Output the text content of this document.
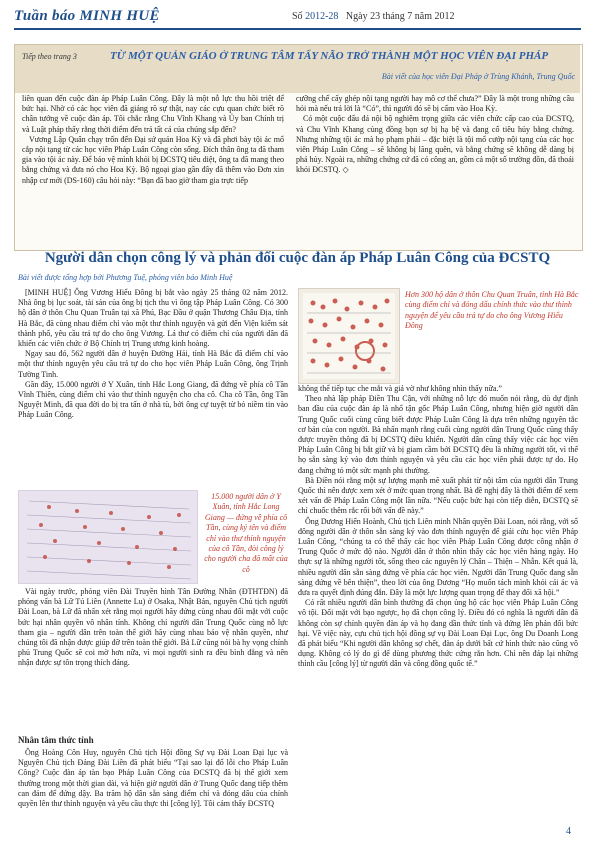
Tuần báo MINH HUỆ	Số 2012-28 Ngày 23 tháng 7 năm 2012
Tiếp theo trang 3	TỪ MỘT QUẢN GIÁO Ở TRUNG TÂM TẨY NÃO TRỞ THÀNH MỘT HỌC VIÊN ĐẠI PHÁP
Bài viết của học viên Đại Pháp ở Trùng Khánh, Trung Quốc

liên quan đến cuộc đàn áp Pháp Luân Công. Đây là một nỗ lực thu hồi triệt để bức hại. Nhờ có các học viên đã giảng rõ sự thật, nay các cựu quan chức biết rõ chân tướng về cuộc đàn áp. Tôi chắc rằng Chu Vĩnh Khang và Ủy ban Chính trị và Luật pháp thấy rằng thời điểm đến trả tất cả của chúng sắp đến?

Vương Lập Quân chạy trốn đến Đại sứ quán Hoa Kỳ và đã phơi bày tội ác mổ cắp nội tạng từ các học viên Pháp Luân Công còn sống. Đích thân ông ta đã tham gia vào tội ác này. Để bảo vệ mình khỏi bị ĐCSTQ tiêu diệt, ông ta đã mang theo bằng chứng và đưa nó cho Hoa Kỳ. Bộ ngoại giao gần đây đã thêm vào Đơn xin nhập cư mới (DS-160) câu hỏi này: “Bạn đã bao giờ tham gia trực tiếp

cưỡng chế cấy ghép nội tạng người hay mô cơ thể chưa?” Đây là một trong những câu hỏi mà nếu trả lời là “Có”, thì người đó sẽ bị cấm vào Hoa Kỳ.

Có một cuộc đấu đá nội bộ nghiêm trọng giữa các viên chức cấp cao của ĐCSTQ, và Chu Vĩnh Khang cùng đồng bọn sợ bị hạ bệ và đang cố tiêu hủy bằng chứng. Nhưng những tội ác mà họ phạm phải – đặc biệt là tội mổ cướp nội tạng của các học viên Pháp Luân Công – sẽ không bị lãng quên, và bằng chứng sẽ không dễ dàng bị phá hủy. Ngoài ra, những chứng cứ đã có công an, gồm cả một số trường đồn, đã thoái khỏi ĐCSTQ. ◇

Người dân chọn công lý và phản đối cuộc đàn áp Pháp Luân Công của ĐCSTQ
Bài viết được tổng hợp bởi Phương Tuệ, phóng viên báo Minh Huệ

[MINH HUỆ] Ông Vương Hiểu Đông bị bắt vào ngày 25 tháng 02 năm 2012. Nhà ông bị lục soát, tài sản của ông bị tịch thu vì ông tập Pháp Luân Công. Có 300 hộ dân ở thôn Chu Quan Truân tại xã Phú, Bạc Đầu ở quận Thương Châu Địa, tỉnh Hà Bắc, đã cùng nhau điểm chỉ vào một thư thỉnh nguyện và gửi đến Viện kiểm sát thành phố, yêu cầu trả tự do cho ông Vương. Lá thư có điểm chỉ của người dân đã khiến các viên chức ở Bộ Chính trị Trung ương kinh hoàng.

Ngay sau đó, 562 người dân ở huyện Đường Hải, tỉnh Hà Bắc đã điểm chỉ vào một thư thỉnh nguyện yêu cầu trả tự do cho học viên Pháp Luân Công, ông Trịnh Tường Tinh.

Gần đây, 15.000 người ở Y Xuân, tỉnh Hắc Long Giang, đã đứng về phía cô Tần Vĩnh Thiên, cùng điểm chỉ vào thư thỉnh nguyện cho cha cô. Cha cô Tần, ông Tần Nguyệt Minh, đã qua đời do bị tra tấn ở nhà tù, bởi ông cự tuyệt từ bỏ niềm tin vào Pháp Luân Công.

Hơn 300 hộ dân ở thôn Chu Quan Truân, tỉnh Hà Bắc cùng điểm chỉ và đóng dấu chính thức vào thư thỉnh nguyện để yêu cầu trả tự do cho ông Vương Hiểu Đông
15.000 người dân ở Y Xuân, tỉnh Hắc Long Giang — đứng về phía cô Tần, cùng ký tên và điểm chỉ vào thư thỉnh nguyện của cô Tần, đòi công lý cho người cha đã mất của cô

Vài ngày trước, phóng viên Đài Truyền hình Tân Đường Nhân (ĐTHTĐN) đã phỏng vấn bà Lữ Tú Liên (Annette Lu) ở Osaka, Nhật Bản, nguyên Chủ tịch người Đài Loan, bà Lữ đã nhấn xét rằng mọi người hãy đứng cùng nhau đối mặt với cuộc bức hại nhân quyền vô nhân tính. Không chỉ người dân Trung Quốc cùng nỗ lực tham gia – người dân trên toàn thế giới hãy cùng nhau bảo vệ nhân quyền, như chúng tôi đã nhận được giúp đỡ trên toàn thế giới. Bà Lữ cũng nói bà hy vọng chính phủ Trung Quốc sẽ coi mờ hơn nữa, vì mọi người sinh ra đều bình đẳng và nên nhận được sự tôn trọng thích đáng.

Nhân tâm thức tỉnh

Ông Hoàng Côn Huy, nguyên Chủ tịch Hội đồng Sự vụ Đài Loan Đại lục và Nguyên Chủ tịch Đảng Đài Liên đã phát biểu “Tại sao lại đổ lỗi cho Pháp Luân Công? Cuộc đàn áp tàn bạo Pháp Luân Công của ĐCSTQ đã bị thế giới xem thường trong một thời gian dài, và hiện giờ người dân ở Trung Quốc đang tiếp thêm can đảm để đứng dậy. Ba trăm hộ dân sẵn sàng điểm chỉ và đóng dấu của chính quyền lên thư thỉnh nguyện và yêu cầu thực thi [công lý]. Tôi cảm thấy ĐCSTQ

không thể tiếp tục che mắt và giả vờ như không nhìn thấy nữa.”

Theo nhà lập pháp Điền Thu Cận, với những nỗ lực đó muốn nói rằng, dù dự định ban đầu của cuộc đàn áp là nhổ tận gốc Pháp Luân Công, nhưng hiện giờ người dân Trung Quốc cuối cùng cũng biết được Pháp Luân Công là dựa trên những nguyên tắc cơ bản của con người. Bà nhấn mạnh rằng cuối cùng người dân Trung Quốc cũng thấy được truyền thông đã bị ĐCSTQ điều khiển. Người dân cũng thấy việc các học viên Pháp Luân Công bị bắt giữ và bị giam cầm bởi ĐCSTQ đều là những người tốt, vì thế họ sẵn sàng ký vào đơn thỉnh nguyện và yêu cầu các học viên phải được tự do. Họ đang chứng tỏ một sức mạnh phi thường.

Bà Điền nói rằng một sự lượng mạnh mẽ xuất phát từ nội tâm của người dân Trung Quốc thì nên được xem xét ở mức quan trọng nhất. Bà đề nghị đây là thời điểm để xem xét vấn đề Pháp Luân Công một lần nữa. “Nếu cuộc bức hại còn tiếp diễn, ĐCSTQ sẽ chỉ chuốc thêm rắc rối bởi vấn đề này.”

Ông Dương Hiến Hoành, Chủ tịch Liên minh Nhân quyền Đài Loan, nói rằng, với số đông người dân ở thôn sẵn sàng ký vào đơn thỉnh nguyện để giải cứu học viên Pháp Luân Công, “chúng ta có thể thấy các học viên Pháp Luân Công được công nhận ở Trung Quốc ở mức độ nào. Người dân ở thôn nhìn thấy các học viên hàng ngày. Họ thực sự là những người tốt, sống theo các nguyên lý Chân – Thiện – Nhẫn. Kết quả là, nhiều người dân sẵn sàng đứng về phía các học viên. Người dân Trung Quốc đang sẵn sàng đứng về bên thiện”, theo lời của ông Dương “Họ muốn tách mình khỏi cái ác và đưa ra quyết định đúng đắn. Đây là một lực lượng quan trọng để thay đổi xã hội.”

Có rất nhiều người dân bình thường đã chọn ủng hộ các học viên Pháp Luân Công vô tội. Đối mặt với bạo ngược, họ đã chọn công lý. Điều đó có nghĩa là người dân đã không còn sợ chính quyền đàn áp và họ đang dần thức tỉnh và đứng lên phản đối bức hại. Về việc này, cựu chủ tịch hội đồng sự vụ Đài Loan Đại Lục, ông Du Doanh Long đã phát biểu “Khi người dân không sợ chết, đàn áp dưới bất cứ hình thức nào cũng vô dụng. Không có lý do gì để dùng phương thức cứng rắn hơn. Chỉ nên đáp lại những thỉnh cầu [công lý] từ người dân và công đồng quốc tế.”

4
